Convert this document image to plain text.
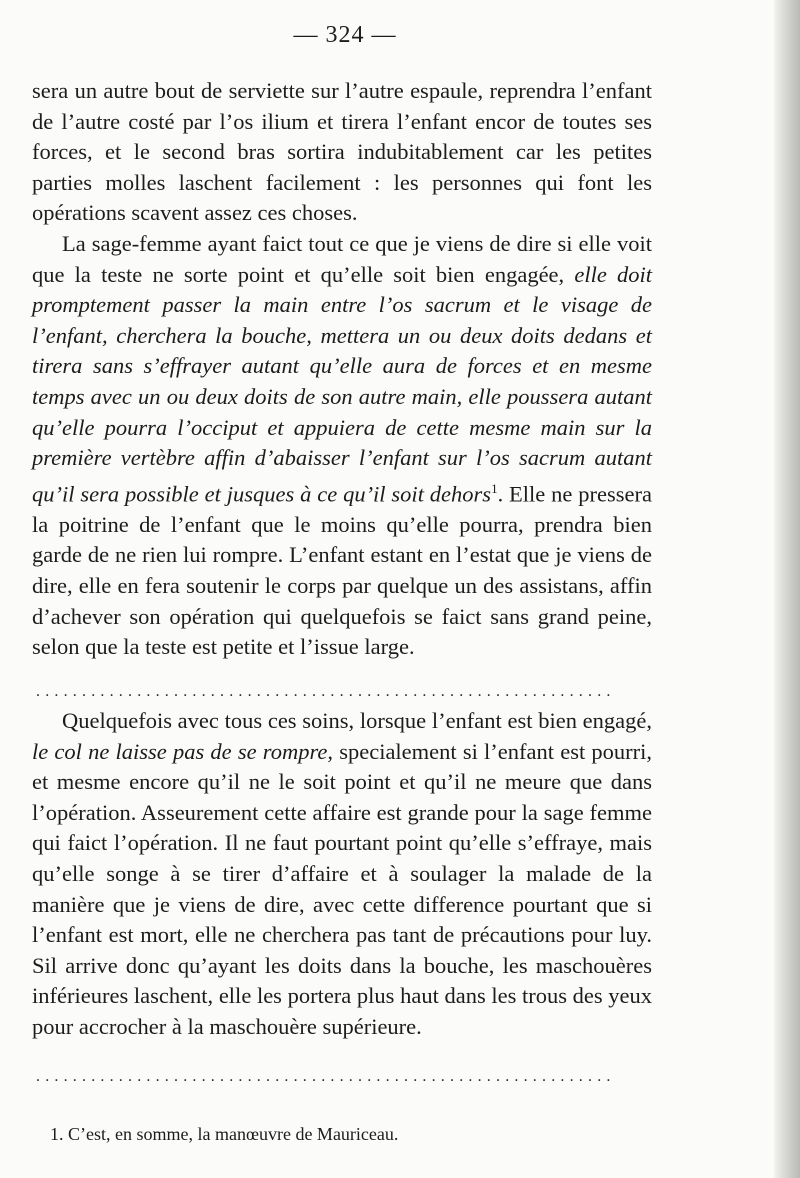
— 324 —

sera un autre bout de serviette sur l’autre espaule, reprendra l’enfant de l’autre costé par l’os ilium et tirera l’enfant encor de toutes ses forces, et le second bras sortira indubitablement car les petites parties molles laschent facilement : les personnes qui font les opérations scavent assez ces choses.

La sage-femme ayant faict tout ce que je viens de dire si elle voit que la teste ne sorte point et qu’elle soit bien engagée, elle doit promptement passer la main entre l’os sacrum et le visage de l’enfant, cherchera la bouche, mettera un ou deux doits dedans et tirera sans s’effrayer autant qu’elle aura de forces et en mesme temps avec un ou deux doits de son autre main, elle poussera autant qu’elle pourra l’occiput et appuiera de cette mesme main sur la première vertèbre affin d’abaisser l’enfant sur l’os sacrum autant qu’il sera possible et jusques à ce qu’il soit dehors$^1$. Elle ne pressera la poitrine de l’enfant que le moins qu’elle pourra, prendra bien garde de ne rien lui rompre. L’enfant estant en l’estat que je viens de dire, elle en fera soutenir le corps par quelque un des assistans, affin d’achever son opération qui quelquefois se faict sans grand peine, selon que la teste est petite et l’issue large.

...............................................................

Quelquefois avec tous ces soins, lorsque l’enfant est bien engagé, le col ne laisse pas de se rompre, specialement si l’enfant est pourri, et mesme encore qu’il ne le soit point et qu’il ne meure que dans l’opération. Asseurement cette affaire est grande pour la sage femme qui faict l’opération. Il ne faut pourtant point qu’elle s’effraye, mais qu’elle songe à se tirer d’affaire et à soulager la malade de la manière que je viens de dire, avec cette difference pourtant que si l’enfant est mort, elle ne cherchera pas tant de précautions pour luy. Sil arrive donc qu’ayant les doits dans la bouche, les maschouères inférieures laschent, elle les portera plus haut dans les trous des yeux pour accrocher à la maschouère supérieure.

...............................................................
1. C’est, en somme, la manœuvre de Mauriceau.
